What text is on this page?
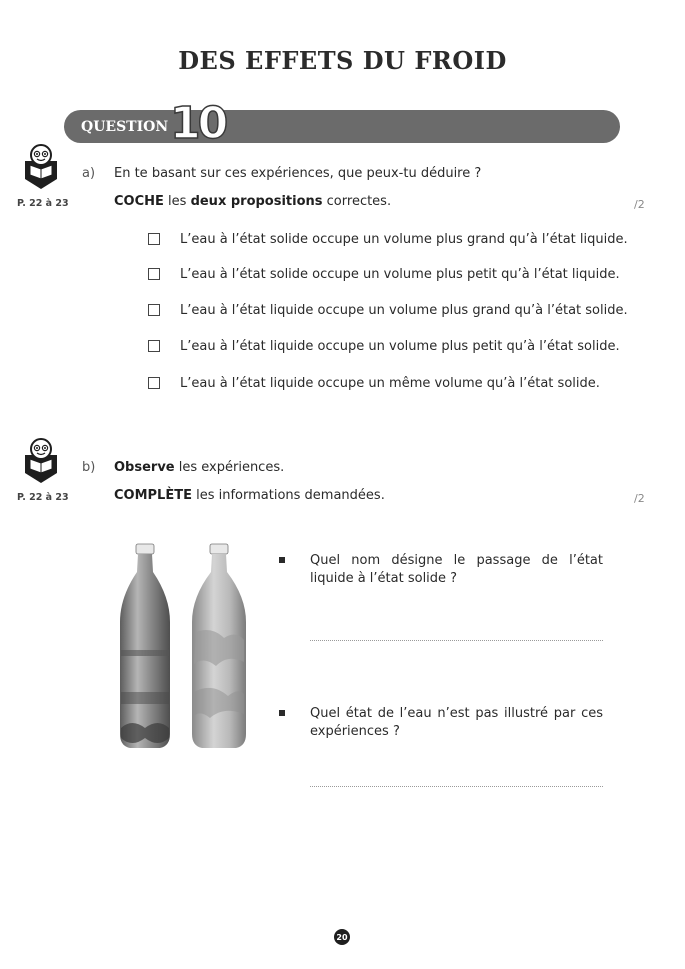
DES EFFETS DU FROID
QUESTION 10
P. 22 à 23
a) En te basant sur ces expériences, que peux-tu déduire ?
COCHE les deux propositions correctes.	/2
L’eau à l’état solide occupe un volume plus grand qu’à l’état liquide.
L’eau à l’état solide occupe un volume plus petit qu’à l’état liquide.
L’eau à l’état liquide occupe un volume plus grand qu’à l’état solide.
L’eau à l’état liquide occupe un volume plus petit qu’à l’état solide.
L’eau à l’état liquide occupe un même volume qu’à l’état solide.
P. 22 à 23
b) Observe les expériences.
COMPLÈTE les informations demandées.	/2
Quel nom désigne le passage de l’état liquide à l’état solide ?
Quel état de l’eau n’est pas illustré par ces expériences ?
20
